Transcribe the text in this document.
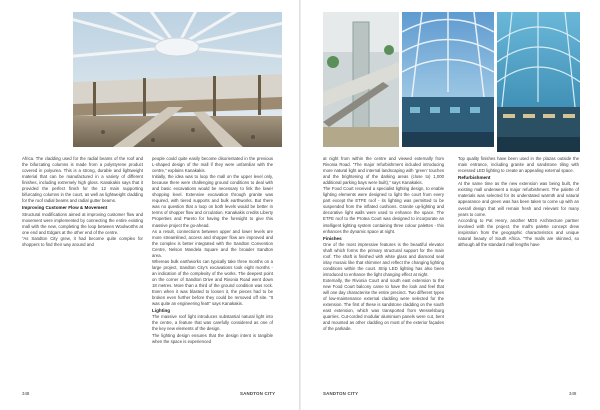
Africa. The cladding used for the radial beams of the roof and the bifurcating columns is made from a polystyrene product covered in polyurea. This is a strong, durable and lightweight material that can be manufactured in a variety of different finishes, including extremely high gloss. Kanakakis says that it provided the perfect finish for the 12 main supporting bifurcating columns in the court, as well as lightweight cladding for the roof radial beams and radial gutter beams.

Improving Customer Flow & Movement

Structural modifications aimed at improving customer flow and movement were implemented by connecting the entire existing mall with the new, completing the loop between Woolworths at one end and Edgars at the other end of the centre.

“As Sandton City grew, it had become quite complex for shoppers to find their way around and

people could quite easily become disorientated in the previous L-shaped design of the mall if they were unfamiliar with the centre,” explains Kanakakis.

Initially, the idea was to loop the mall on the upper level only, because there were challenging ground conditions to deal with and basic excavations would be necessary to link the lower shopping level. Extensive excavation through granite was required, with tiered supports and bulk earthworks. But there was no question that a loop on both levels would be better in terms of shopper flow and circulation. Kanakakis credits Liberty Properties and Pareto for having the foresight to give this massive project the go-ahead.

As a result, connections between upper and lower levels are more streamlined, access and shopper flow are improved and the complex is better integrated with the Sandton Convention Centre, Nelson Mandela Square and the broader Sandton area.

Whereas bulk earthworks can typically take three months on a large project, Sandton City’s excavations took eight months - an indication of the complexity of the works. The deepest point on the corner of Sandton Drive and Rivonia Road went down 18 metres. More than a third of the ground condition was rock. Even when it was blasted to loosen it, the pieces had to be broken even further before they could be removed off site. “It was quite an engineering feat!” says Kanakakis.

Lighting

The massive roof light introduces substantial natural light into the centre, a feature that was carefully considered as one of the key new elements of the design.

The lighting design ensures that the design intent is tangible when the space is experienced

348	SANDTON CITY

at night from within the centre and viewed externally from Rivonia Road. “The major refurbishment included introducing more natural light and internal landscaping with ‘green’ touches and the brightening of the darking areas (close to) 1,000 additional parking bays were built),” says Kanakakis.

The Food Court received a specialist lighting design, to enable lighting elements were designed to light the court from every part except the ETFE roof - its lighting was permitted to be suspended from the inflated cushions. Granite up-lighting and decorative light walls were used to enhance the space. The ETFE roof to the Protea Court was designed to incorporate an intelligent lighting system containing three colour palettes - this enhances the dynamic space at night.

Finishes

One of the most impressive features is the beautiful elevator shaft which forms the primary structural support for the main roof. The shaft is finished with white glass and diamond seal inlay mosaic like that shimmer and reflect the changing lighting conditions within the court. Strip LED lighting has also been introduced to enhance the light changing effect at night.

Externally, the Rivonia Court and south east extension to the new Food Court balcony came to have the look and feel that will one day characterise the entire precinct. Two different types of low-maintenance external cladding were selected for the extension. The first of these is sandstone cladding on the south east extension, which was transported from Wesselsburg quarries. Cut-corded modular aluminium panels were cut, bent and mounted as other cladding on most of the exterior façades of the parkade.

Top quality finishes have been used in the plazas outside the main entrance, including granite and sandstone tiling with recessed LED lighting to create an appealing external space.

Refurbishment

At the same time as the new extension was being built, the existing mall underwent a major refurbishment. The palette of materials was selected for its understated warmth and natural appearance and green was has been taken to come up with an overall design that will remain fresh and relevant for many years to come.

According to Pat Henry, another MDS Architecture partner involved with the project, the mall’s palette concept drew inspiration from the geographic characteristics and unique natural beauty of South Africa. “The malls are skinned, so although all the standard mall lengths have

SANDTON CITY	349
